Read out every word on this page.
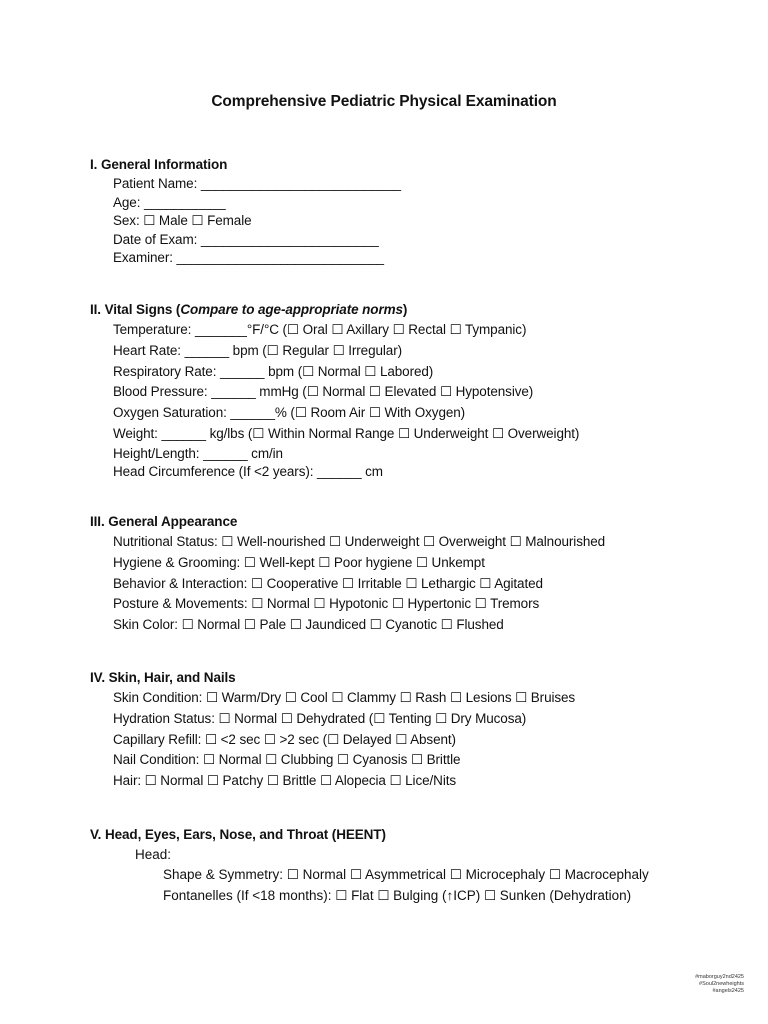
Comprehensive Pediatric Physical Examination
I. General Information
Patient Name: ___________________________
Age: ___________
Sex: ☐ Male ☐ Female
Date of Exam: ________________________
Examiner: ____________________________
II. Vital Signs (Compare to age-appropriate norms)
Temperature: _______°F/°C (☐ Oral ☐ Axillary ☐ Rectal ☐ Tympanic)
Heart Rate: ______ bpm (☐ Regular ☐ Irregular)
Respiratory Rate: ______ bpm (☐ Normal ☐ Labored)
Blood Pressure: ______ mmHg (☐ Normal ☐ Elevated ☐ Hypotensive)
Oxygen Saturation: ______% (☐ Room Air ☐ With Oxygen)
Weight: ______ kg/lbs (☐ Within Normal Range ☐ Underweight ☐ Overweight)
Height/Length: ______ cm/in
Head Circumference (If <2 years): ______ cm
III. General Appearance
Nutritional Status: ☐ Well-nourished ☐ Underweight ☐ Overweight ☐ Malnourished
Hygiene & Grooming: ☐ Well-kept ☐ Poor hygiene ☐ Unkempt
Behavior & Interaction: ☐ Cooperative ☐ Irritable ☐ Lethargic ☐ Agitated
Posture & Movements: ☐ Normal ☐ Hypotonic ☐ Hypertonic ☐ Tremors
Skin Color: ☐ Normal ☐ Pale ☐ Jaundiced ☐ Cyanotic ☐ Flushed
IV. Skin, Hair, and Nails
Skin Condition: ☐ Warm/Dry ☐ Cool ☐ Clammy ☐ Rash ☐ Lesions ☐ Bruises
Hydration Status: ☐ Normal ☐ Dehydrated (☐ Tenting ☐ Dry Mucosa)
Capillary Refill: ☐ <2 sec ☐ >2 sec (☐ Delayed ☐ Absent)
Nail Condition: ☐ Normal ☐ Clubbing ☐ Cyanosis ☐ Brittle
Hair: ☐ Normal ☐ Patchy ☐ Brittle ☐ Alopecia ☐ Lice/Nits
V. Head, Eyes, Ears, Nose, and Throat (HEENT)
Head:
Shape & Symmetry: ☐ Normal ☐ Asymmetrical ☐ Microcephaly ☐ Macrocephaly
Fontanelles (If <18 months): ☐ Flat ☐ Bulging (↑ICP) ☐ Sunken (Dehydration)
#maborguy2nd2425
#Soul2newheights
#angels2425
